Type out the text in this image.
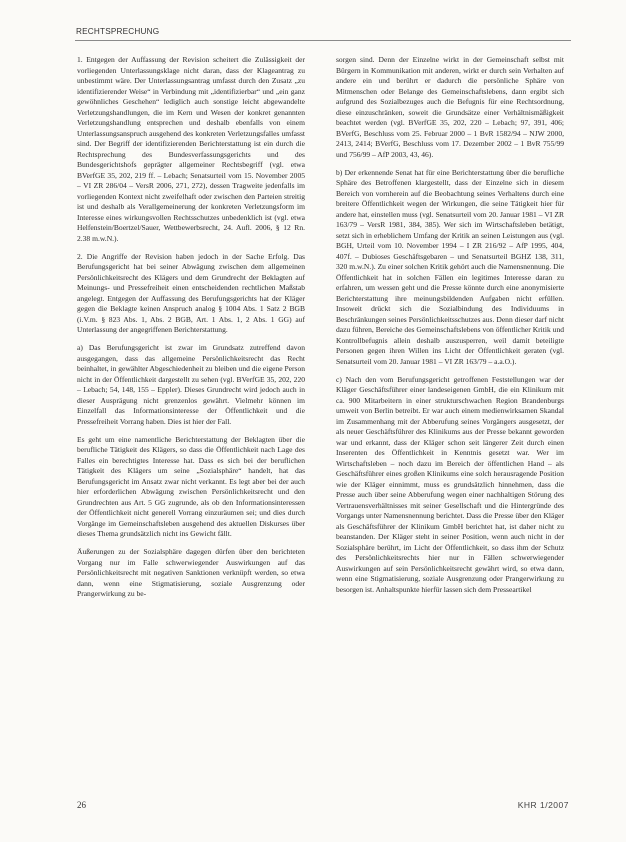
RECHTSPRECHUNG

1. Entgegen der Auffassung der Revision scheitert die Zulässigkeit der vorliegenden Unterlassungsklage nicht daran, dass der Klageantrag zu unbestimmt wäre. Der Unterlassungsantrag umfasst durch den Zusatz „zu identifizierender Weise“ in Verbindung mit „identifizierbar“ und „ein ganz gewöhnliches Geschehen“ lediglich auch sonstige leicht abgewandelte Verletzungshandlungen, die im Kern und Wesen der konkret genannten Verletzungshandlung entsprechen und deshalb ebenfalls von einem Unterlassungsanspruch ausgehend des konkreten Verletzungsfalles umfasst sind. Der Begriff der identifizierenden Berichterstattung ist ein durch die Rechtsprechung des Bundesverfassungsgerichts und des Bundesgerichtshofs geprägter allgemeiner Rechtsbegriff (vgl. etwa BVerfGE 35, 202, 219 ff. – Lebach; Senatsurteil vom 15. November 2005 – VI ZR 286/04 – VersR 2006, 271, 272), dessen Tragweite jedenfalls im vorliegenden Kontext nicht zweifelhaft oder zwischen den Parteien streitig ist und deshalb als Verallgemeinerung der konkreten Verletzungsform im Interesse eines wirkungsvollen Rechtsschutzes unbedenklich ist (vgl. etwa Helfenstein/Boertzel/Sauer, Wettbewerbsrecht, 24. Aufl. 2006, § 12 Rn. 2.38 m.w.N.).

2. Die Angriffe der Revision haben jedoch in der Sache Erfolg. Das Berufungsgericht hat bei seiner Abwägung zwischen dem allgemeinen Persönlichkeitsrecht des Klägers und dem Grundrecht der Beklagten auf Meinungs- und Pressefreiheit einen entscheidenden rechtlichen Maßstab angelegt. Entgegen der Auffassung des Berufungsgerichts hat der Kläger gegen die Beklagte keinen Anspruch analog § 1004 Abs. 1 Satz 2 BGB (i.V.m. § 823 Abs. 1, Abs. 2 BGB, Art. 1 Abs. 1, 2 Abs. 1 GG) auf Unterlassung der angegriffenen Berichterstattung.

a) Das Berufungsgericht ist zwar im Grundsatz zutreffend davon ausgegangen, dass das allgemeine Persönlichkeitsrecht das Recht beinhaltet, in gewählter Abgeschiedenheit zu bleiben und die eigene Person nicht in der Öffentlichkeit dargestellt zu sehen (vgl. BVerfGE 35, 202, 220 – Lebach; 54, 148, 155 – Eppler). Dieses Grundrecht wird jedoch auch in dieser Ausprägung nicht grenzenlos gewährt. Vielmehr können im Einzelfall das Informationsinteresse der Öffentlichkeit und die Pressefreiheit Vorrang haben. Dies ist hier der Fall.

Es geht um eine namentliche Berichterstattung der Beklagten über die berufliche Tätigkeit des Klägers, so dass die Öffentlichkeit nach Lage des Falles ein berechtigtes Interesse hat. Dass es sich bei der beruflichen Tätigkeit des Klägers um seine „Sozialsphäre“ handelt, hat das Berufungsgericht im Ansatz zwar nicht verkannt. Es legt aber bei der auch hier erforderlichen Abwägung zwischen Persönlichkeitsrecht und den Grundrechten aus Art. 5 GG zugrunde, als ob den Informationsinteressen der Öffentlichkeit nicht generell Vorrang einzuräumen sei; und dies durch Vorgänge im Gemeinschaftsleben ausgehend des aktuellen Diskurses über dieses Thema grundsätzlich nicht ins Gewicht fällt.

Äußerungen zu der Sozialsphäre dagegen dürfen über den berichteten Vorgang nur im Falle schwerwiegender Auswirkungen auf das Persönlichkeitsrecht mit negativen Sanktionen verknüpft werden, so etwa dann, wenn eine Stigmatisierung, soziale Ausgrenzung oder Prangerwirkung zu be-

sorgen sind. Denn der Einzelne wirkt in der Gemeinschaft selbst mit Bürgern in Kommunikation mit anderen, wirkt er durch sein Verhalten auf andere ein und berührt er dadurch die persönliche Sphäre von Mitmenschen oder Belange des Gemeinschaftslebens, dann ergibt sich aufgrund des Sozialbezuges auch die Befugnis für eine Rechtsordnung, diese einzuschränken, soweit die Grundsätze einer Verhältnismäßigkeit beachtet werden (vgl. BVerfGE 35, 202, 220 – Lebach; 97, 391, 406; BVerfG, Beschluss vom 25. Februar 2000 – 1 BvR 1582/94 – NJW 2000, 2413, 2414; BVerfG, Beschluss vom 17. Dezember 2002 – 1 BvR 755/99 und 756/99 – AfP 2003, 43, 46).

b) Der erkennende Senat hat für eine Berichterstattung über die berufliche Sphäre des Betroffenen klargestellt, dass der Einzelne sich in diesem Bereich von vornherein auf die Beobachtung seines Verhaltens durch eine breitere Öffentlichkeit wegen der Wirkungen, die seine Tätigkeit hier für andere hat, einstellen muss (vgl. Senatsurteil vom 20. Januar 1981 – VI ZR 163/79 – VersR 1981, 384, 385). Wer sich im Wirtschaftsleben betätigt, setzt sich in erheblichem Umfang der Kritik an seinen Leistungen aus (vgl. BGH, Urteil vom 10. November 1994 – I ZR 216/92 – AfP 1995, 404, 407f. – Dubioses Geschäftsgebaren – und Senatsurteil BGHZ 138, 311, 320 m.w.N.). Zu einer solchen Kritik gehört auch die Namensnennung. Die Öffentlichkeit hat in solchen Fällen ein legitimes Interesse daran zu erfahren, um wessen geht und die Presse könnte durch eine anonymisierte Berichterstattung ihre meinungsbildenden Aufgaben nicht erfüllen. Insoweit drückt sich die Sozialbindung des Individuums in Beschränkungen seines Persönlichkeitsschutzes aus. Denn dieser darf nicht dazu führen, Bereiche des Gemeinschaftslebens von öffentlicher Kritik und Kontrollbefugnis allein deshalb auszusperren, weil damit beteiligte Personen gegen ihren Willen ins Licht der Öffentlichkeit geraten (vgl. Senatsurteil vom 20. Januar 1981 – VI ZR 163/79 – a.a.O.).

c) Nach den vom Berufungsgericht getroffenen Feststellungen war der Kläger Geschäftsführer einer landeseigenen GmbH, die ein Klinikum mit ca. 900 Mitarbeitern in einer strukturschwachen Region Brandenburgs umweit von Berlin betreibt. Er war auch einem medienwirksamen Skandal im Zusammenhang mit der Abberufung seines Vorgängers ausgesetzt, der als neuer Geschäftsführer des Klinikums aus der Presse bekannt geworden war und erkannt, dass der Kläger schon seit längerer Zeit durch einen Inserenten des Öffentlichkeit in Kenntnis gesetzt war. Wer im Wirtschaftsleben – noch dazu im Bereich der öffentlichen Hand – als Geschäftsführer eines großen Klinikums eine solch herausragende Position wie der Kläger einnimmt, muss es grundsätzlich hinnehmen, dass die Presse auch über seine Abberufung wegen einer nachhaltigen Störung des Vertrauensverhältnisses mit seiner Gesellschaft und die Hintergründe des Vorgangs unter Namensnennung berichtet. Dass die Presse über den Kläger als Geschäftsführer der Klinikum GmbH berichtet hat, ist daher nicht zu beanstanden. Der Kläger steht in seiner Position, wenn auch nicht in der Sozialsphäre berührt, im Licht der Öffentlichkeit, so dass ihm der Schutz des Persönlichkeitsrechts hier nur in Fällen schwerwiegender Auswirkungen auf sein Persönlichkeitsrecht gewährt wird, so etwa dann, wenn eine Stigmatisierung, soziale Ausgrenzung oder Prangerwirkung zu besorgen ist. Anhaltspunkte hierfür lassen sich dem Presseartikel

26	KHR 1/2007
